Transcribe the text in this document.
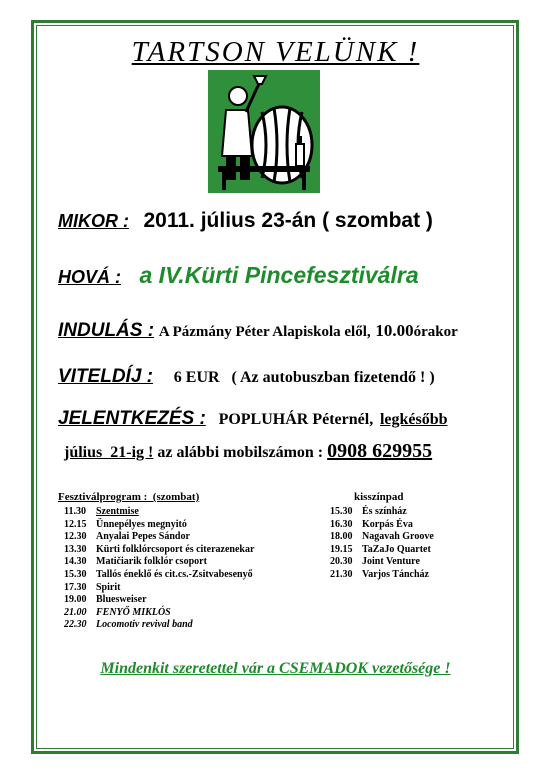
TARTSON VELÜNK !
MIKOR : 2011. július 23-án ( szombat )
HOVÁ : a IV.Kürti Pincefesztiválra
INDULÁS : A Pázmány Péter Alapiskola elől, 10.00órakor
VITELDÍJ : 6 EUR   ( Az autobuszban fizetendő ! )
JELENTKEZÉS : POPLUHÁR Péternél, legkésőbb
július  21-ig ! az alábbi mobilszámon : 0908 629955
Fesztiválprogram :  (szombat)
11.30 Szentmise
12.15 Ünnepélyes megnyitó
12.30 Anyalai Pepes Sándor
13.30 Kürti folklórcsoport és citerazenekar
14.30 Matičiarik folklór csoport
15.30 Tallós éneklő és cit.cs.-Zsitvabesenyő
17.30 Spirit
19.00 Bluesweiser
21.00 FENYŐ MIKLÓS
22.30 Locomotiv revival band
kisszínpad
15.30 És színház
16.30 Korpás Éva
18.00 Nagavah Groove
19.15 TaZaJo Quartet
20.30 Joint Venture
21.30 Varjos Táncház
Mindenkit szeretettel vár a CSEMADOK vezetősége !
